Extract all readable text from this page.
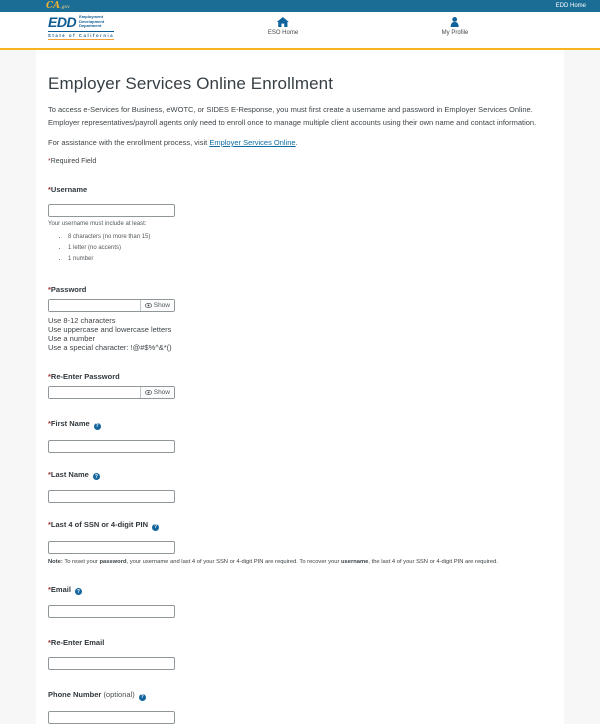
CA.gov	EDD Home
EDD Employment
Development
Department
State of California	ESO Home	My Profile
Employer Services Online Enrollment

To access e-Services for Business, eWOTC, or SIDES E-Response, you must first create a username and password in Employer Services Online. Employer representatives/payroll agents only need to enroll once to manage multiple client accounts using their own name and contact information.

For assistance with the enrollment process, visit Employer Services Online.

*Required Field

*Username
Your username must include at least:
• 8 characters (no more than 15)
• 1 letter (no accents)
• 1 number
*Password
Show
Use 8-12 characters
Use uppercase and lowercase letters
Use a number
Use a special character: !@#$%^&*()
*Re-Enter Password
Show
*First Name ?
*Last Name ?
*Last 4 of SSN or 4-digit PIN ?

Note: To reset your password, your username and last 4 of your SSN or 4-digit PIN are required. To recover your username, the last 4 of your SSN or 4-digit PIN are required.

*Email ?
*Re-Enter Email
Phone Number (optional) ?
